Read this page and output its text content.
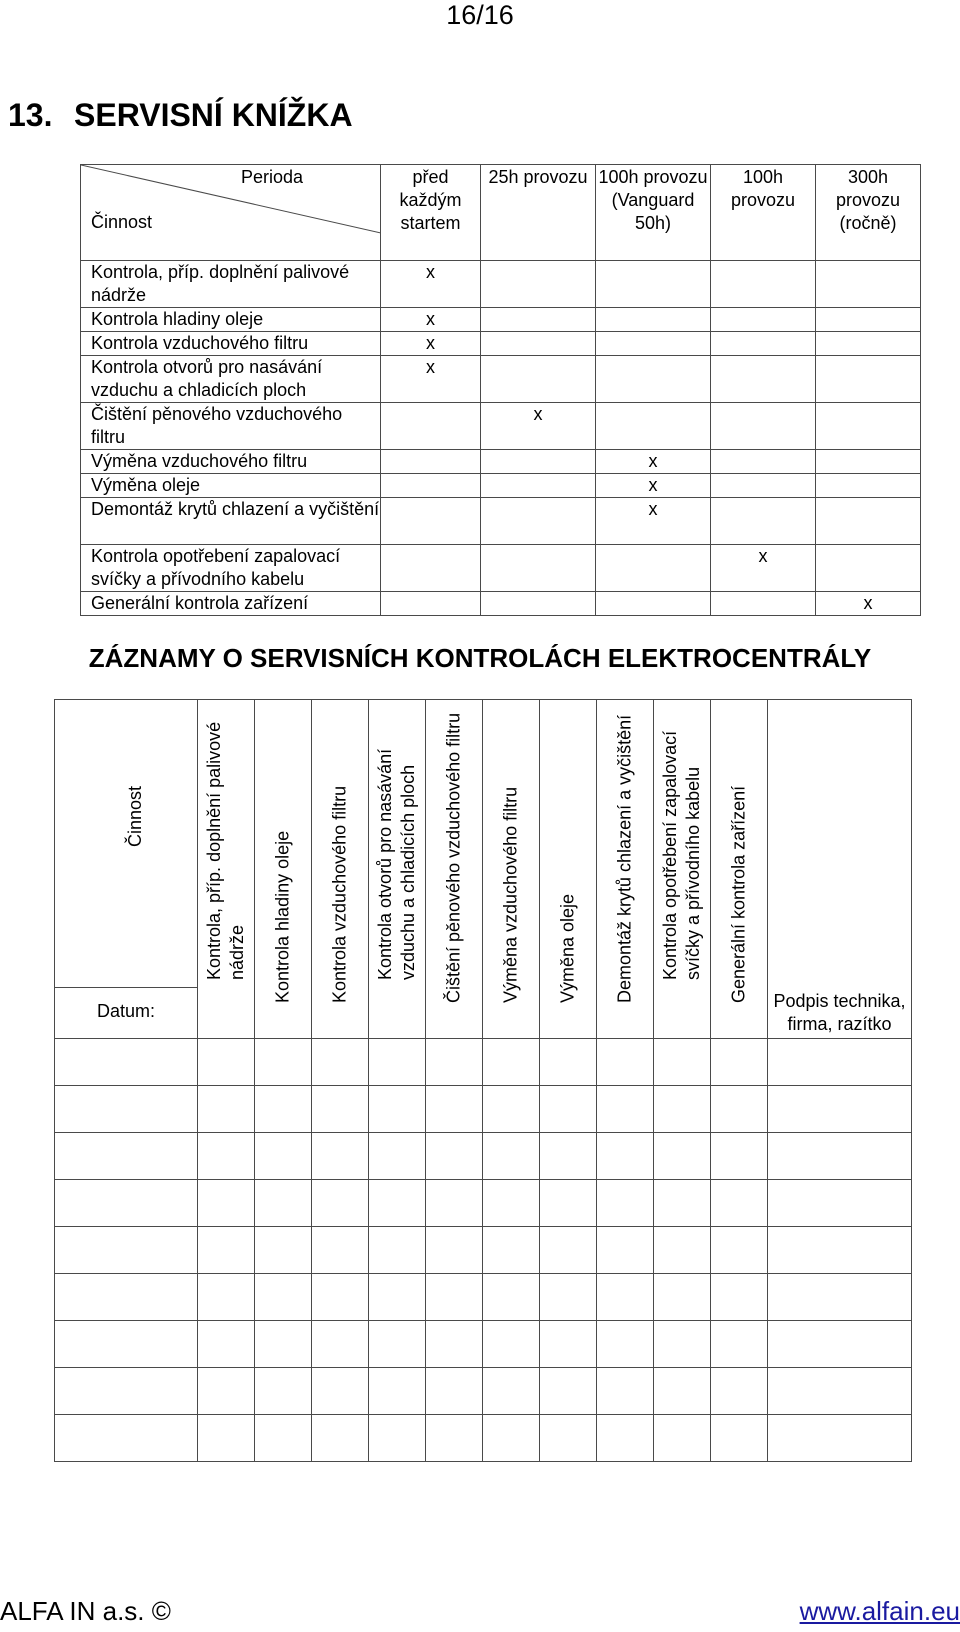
16/16
13. SERVISNÍ KNÍŽKA
Perioda
Činnost	před každým startem	25h provozu	100h provozu (Vanguard 50h)	100h provozu	300h provozu (ročně)
Kontrola, příp. doplnění palivové nádrže	x				
Kontrola hladiny oleje	x				
Kontrola vzduchového filtru	x				
Kontrola otvorů pro nasávání vzduchu a chladicích ploch	x				
Čištění pěnového vzduchového filtru		x			
Výměna vzduchového filtru			x		
Výměna oleje			x		
Demontáž krytů chlazení a vyčištění			x		
Kontrola opotřebení zapalovací svíčky a přívodního kabelu				x	
Generální kontrola zařízení					x
ZÁZNAMY O SERVISNÍCH KONTROLÁCH ELEKTROCENTRÁLY
Činnost
Datum:	Kontrola, příp. doplnění palivové nádrže	Kontrola hladiny oleje	Kontrola vzduchového filtru	Kontrola otvorů pro nasávání vzduchu a chladicích ploch	Čištění pěnového vzduchového filtru	Výměna vzduchového filtru	Výměna oleje	Demontáž krytů chlazení a vyčištění	Kontrola opotřebení zapalovací svíčky a přívodního kabelu	Generální kontrola zařízení	Podpis technika, firma, razítko

ALFA IN a.s. ©	www.alfain.eu
